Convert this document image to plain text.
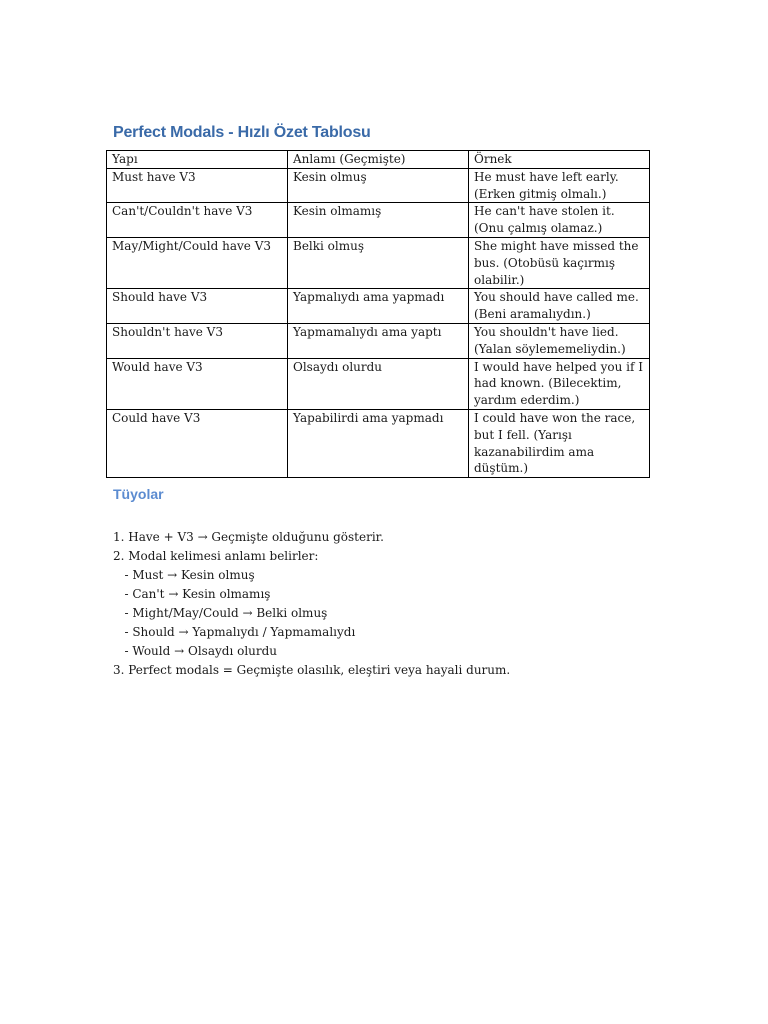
Perfect Modals - Hızlı Özet Tablosu
Yapı	Anlamı (Geçmişte)	Örnek
Must have V3	Kesin olmuş	He must have left early. (Erken gitmiş olmalı.)
Can't/Couldn't have V3	Kesin olmamış	He can't have stolen it. (Onu çalmış olamaz.)
May/Might/Could have V3	Belki olmuş	She might have missed the bus. (Otobüsü kaçırmış olabilir.)
Should have V3	Yapmalıydı ama yapmadı	You should have called me. (Beni aramalıydın.)
Shouldn't have V3	Yapmamalıydı ama yaptı	You shouldn't have lied. (Yalan söylememeliydin.)
Would have V3	Olsaydı olurdu	I would have helped you if I had known. (Bilecektim, yardım ederdim.)
Could have V3	Yapabilirdi ama yapmadı	I could have won the race, but I fell. (Yarışı kazanabilirdim ama düştüm.)
Tüyolar
1. Have + V3 → Geçmişte olduğunu gösterir.
2. Modal kelimesi anlamı belirler:
- Must → Kesin olmuş
- Can't → Kesin olmamış
- Might/May/Could → Belki olmuş
- Should → Yapmalıydı / Yapmamalıydı
- Would → Olsaydı olurdu
3. Perfect modals = Geçmişte olasılık, eleştiri veya hayali durum.
